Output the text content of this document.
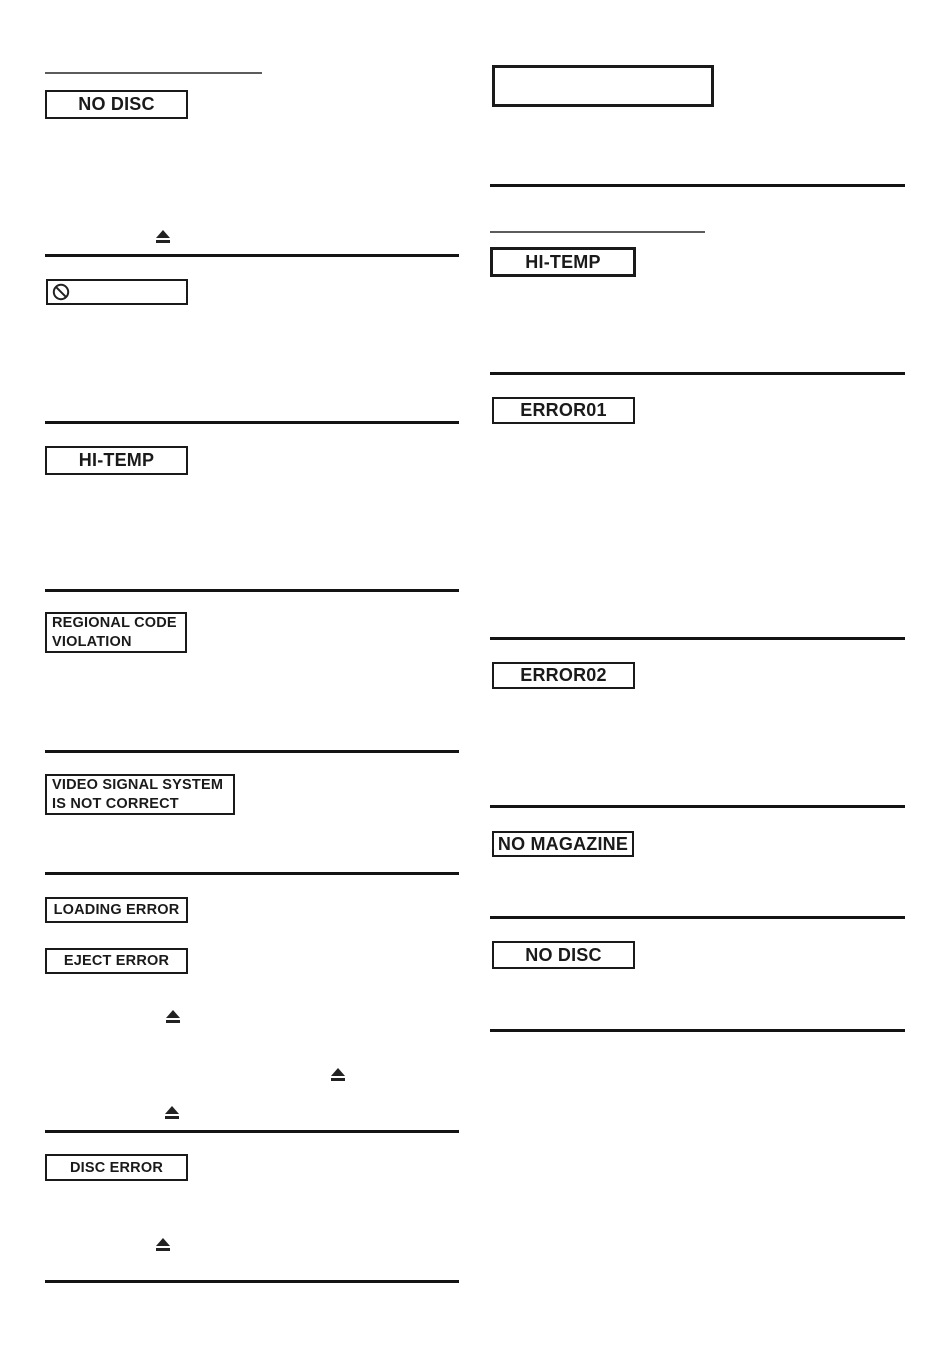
NO DISC
HI-TEMP
REGIONAL CODE
VIOLATION
VIDEO SIGNAL SYSTEM
IS NOT CORRECT
LOADING ERROR
EJECT ERROR
DISC ERROR
HI-TEMP
ERROR01
ERROR02
NO MAGAZINE
NO DISC
